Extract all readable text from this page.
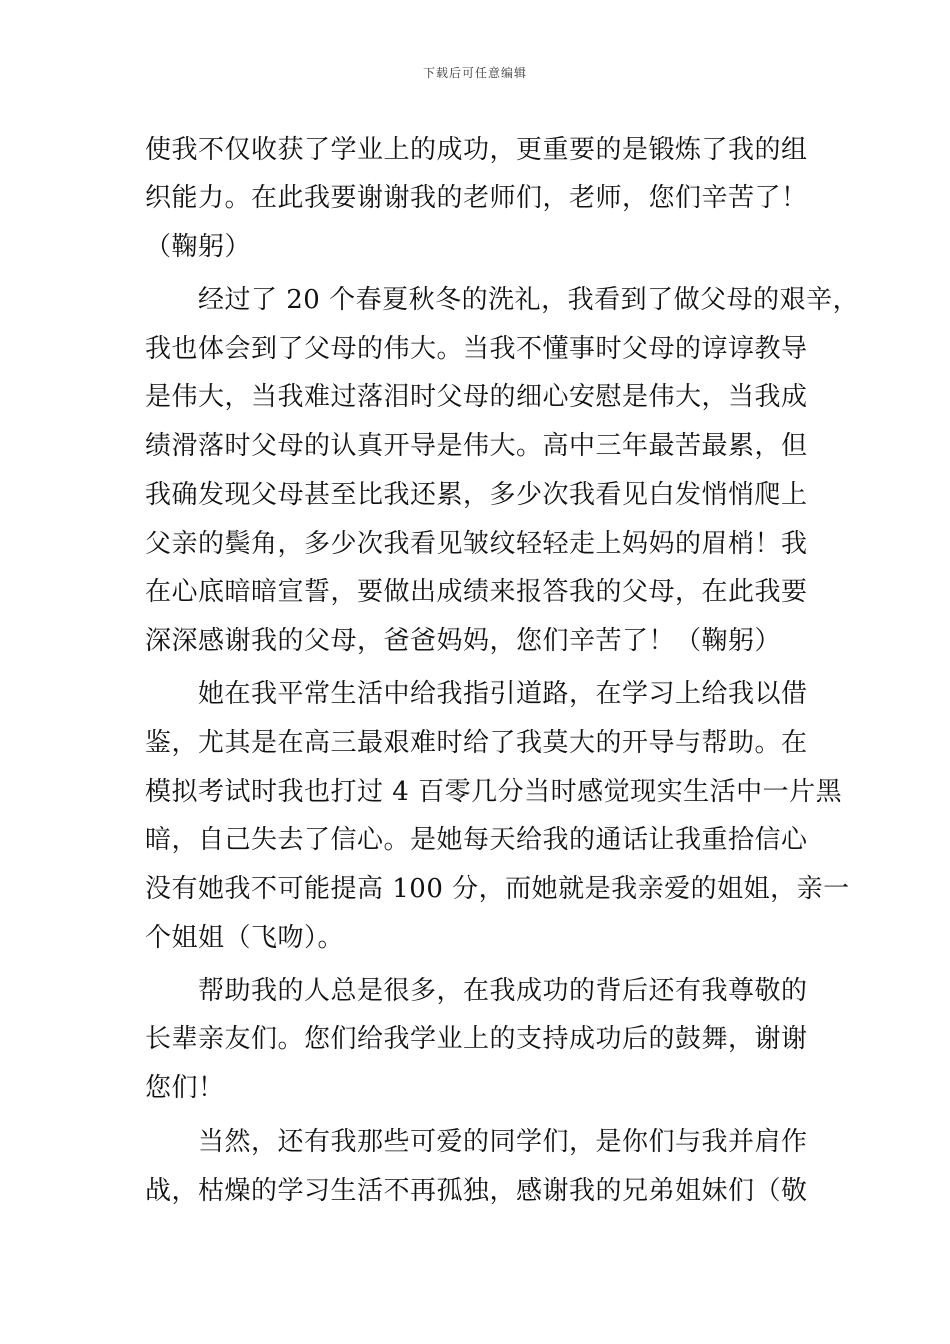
下载后可任意编辑
使我不仅收获了学业上的成功，更重要的是锻炼了我的组
织能力。在此我要谢谢我的老师们，老师，您们辛苦了！
（鞠躬）
　　经过了 20 个春夏秋冬的洗礼，我看到了做父母的艰辛，
我也体会到了父母的伟大。当我不懂事时父母的谆谆教导
是伟大，当我难过落泪时父母的细心安慰是伟大，当我成
绩滑落时父母的认真开导是伟大。高中三年最苦最累，但
我确发现父母甚至比我还累，多少次我看见白发悄悄爬上
父亲的鬓角，多少次我看见皱纹轻轻走上妈妈的眉梢！我
在心底暗暗宣誓，要做出成绩来报答我的父母，在此我要
深深感谢我的父母，爸爸妈妈，您们辛苦了！（鞠躬）
　　她在我平常生活中给我指引道路，在学习上给我以借
鉴，尤其是在高三最艰难时给了我莫大的开导与帮助。在
模拟考试时我也打过 4 百零几分当时感觉现实生活中一片黑
暗，自己失去了信心。是她每天给我的通话让我重拾信心
没有她我不可能提高 100 分，而她就是我亲爱的姐姐，亲一
个姐姐（飞吻）。
　　帮助我的人总是很多，在我成功的背后还有我尊敬的
长辈亲友们。您们给我学业上的支持成功后的鼓舞，谢谢
您们！
　　当然，还有我那些可爱的同学们，是你们与我并肩作
战，枯燥的学习生活不再孤独，感谢我的兄弟姐妹们（敬
